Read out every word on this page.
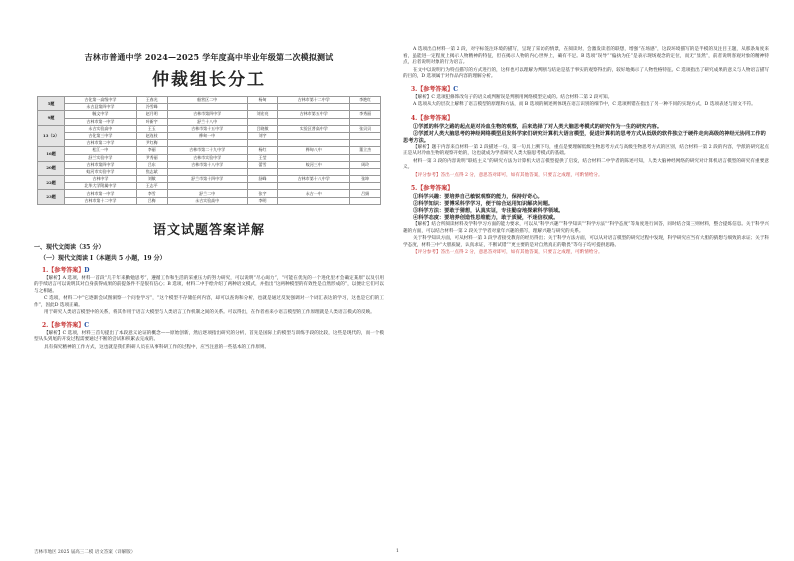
吉林市普通中学 2024—2025 学年度高中毕业年级第二次模拟测试

仲裁组长分工

5题	吉化第一高级中学	王春光	船营区二中	杨甸	吉林市第十二中学	李艳红
	永吉县第四中学	冷雪峰				
9题	毓文中学	赵月明	吉林市第四中学	刘宏亮	吉林市第五中学	李秀丽
	吉林市第一中学	叶新宇	舒兰十八中			
13（2）	永吉实验高中	王玉	吉林市第十五中学	吕晓敏	实验区普高中学	张贝贝
	吉化第三中学	赵连枝	桦甸一中	刘宇		
	吉林市第二中学	尹红梅				
16题	松江一中	李丽	吉林市第二十九中学	杨红	桦甸八中	董立杰
	舒兰实验中学	尹秀丽	吉林市实验中学	王莹		
20题	吉林市第四中学	吕东	吉林市第十八中学	蕾雪	蛟河三中	周玲
	蛟河市实验中学	焦志斌				
22题	吉林中学	刘敏	舒兰市第十四中学	舒峰	吉林市第十八中学	张坤
	北华大学附属中学	王志平				
23题	吉林市第一中学	李雪	舒兰二中	张宇	永吉一中	吕娟
	吉林市第十二中学	吕梅	永吉实验高中	李明		

语文试题答案详解

一、现代文阅读（35 分）

（一）现代文阅读 I（本题共 5 小题，19 分）

1.【参考答案】D

【解析】A 选项，材料一首段“几千年来勤勉思考”，遵循工作和生活的采重压力的努力研究，可以说明“尽心竭力”，“可能在优先的一个进化里才会确定某原”以及引用的手续语言可以说明其对自身获得成果的前提条件不是很有信心；B 选项，材料二中手绘介绍了两种语文模式，并指出“这两种模型的有效性是自然形成的”，以便让它们可以与之相通。

C 选项，材料二中“它逐渐会试图洞察一个问卷学习”，“这个模型不存储任何内容，却可以查询和分析，也就是通过反复强调对一个词汇表达的学习，这也是它们的工作”，因此D 选项正确。

用于研究人类语言模型中的关系，将其作用于语言大模型与人类语言工作机制之间的关系。可以得出，在作者看来小语言模型的工作原理就是人类语言模式的反映。

2.【参考答案】C

【解析】C 选项，材料三首句提出了本段意义论证的概念——原始创新，然后逐项指出研究的分析，首先是国际上的模型与训练手段的比较，这些是现代的，而一个模型从头到尾的开发过程需要通过不断的尝试和积累去完成的。

具有探究精神的工作方式，这也就是我们科研人员在从事科研工作的过程中，应当注意的一些基本的工作原则。

A 选项出自材料一第 2 段，对字标签注环境的描写，呈现了采访的情景，在阅读时，会激发读者的联想，增强“在场感”，这段环境描写的是半模的及注目王题，从那条角度来看，虽能进一定程度上揭示人物精神的特征，但在揭示人物的内心世界上，确有不足。B 选项“误导”“偏执为任”是表示现场观念的定位，而无“显然”，前者说明客观对象的精神特点，后者说明对象的行为语言。

在文中以说明行为特点描写的方式进行的，这样也可以理解为判断与结论是基于事实的观察得出的，较好地揭示了人物性格特征。C 选项指出了研究成果的意义与人物语言描写的目的，D 选项属于对作品内容的理解分析。

3.【参考答案】C

【解析】C 选项犯修饰改句子的语义或判断误是判断用网络模型完成的。结合材料二第 2 段可知。

A 选项从大的层次上解释了语言模型的原理和方法，而 B 选项的阐述则体现在语言识别的细节中，C 选项则错在指出了另一种不同的实现方式，D 选项表述与原文不符。

4.【参考答案】

①学派的科学之路的起点是对冷血生物的观察，后来选择了对人类大脑思考模式的研究作为一生的研究内容。

②学派对人类大脑思考的神经网络模型启发科学家们研究计算机大语言模型，促进计算机的思考方式从低级的软件独立于硬件走向高级的神经元协同工作的思考方法。

【解析】题干内容来自材料一第 2 段描述一句，第一句具上溯下句，重点是要理解低级生物思考方式与高级生物思考方式的区别，结合材料一第 2 段的内容，学派的研究起点正是从对冷血生物的观察开始的，这也就成为学者研究人类大脑思考模式的基础。

材料一第 3 段的内容说明“联结主义”的研究方法为计算机大语言模型提供了启发，结合材料二中学者的陈述可知，人类大脑神经网络的研究对计算机语言模型的研究有重要意义。

【评分参考】答出一点得 2 分，意思答对即可，如有其他答案，只要言之成理，可酌情给分。

5.【参考答案】

①科学兴趣：要培养自己敏锐观察的能力，保持好奇心。

②科学知识：要博采科学学习，便于综合运用知识解决问题。

③科学方法：要敢于猜想，认真实证，专注勤奋地探索科学领域。

④科学态度：要培养创造性思维能力，敢于质疑，不迷信权威。

【解析】结合所阅读材料及学科学习方面的能力要求，可以从“科学兴趣”“科学知识”“科学方法”“科学态度”等角度进行回答，同时结合第三则材料，整合提炼信息。关于科学兴趣的方面，可以结合材料一第 2 段关于学者对童年兴趣的描写，理解兴趣与研究的关系。

关于科学知识方面，可从材料一第 3 段学者接受教育的经历得出；关于科学方法方面，可以从对语言模型的研究过程中发现，科学研究应当有大胆的猜想与细致的求证；关于科学态度，材料三中“大胆质疑，认真求证，不断试错”“更主要的是对自然真正的敬畏”等句子均可提供思路。

【评分参考】答出一点得 2 分，意思答对即可，如有其他答案，只要言之成理，可酌情给分。

吉林市地区 2025 届高三二模 语文答案（详解版）	1
